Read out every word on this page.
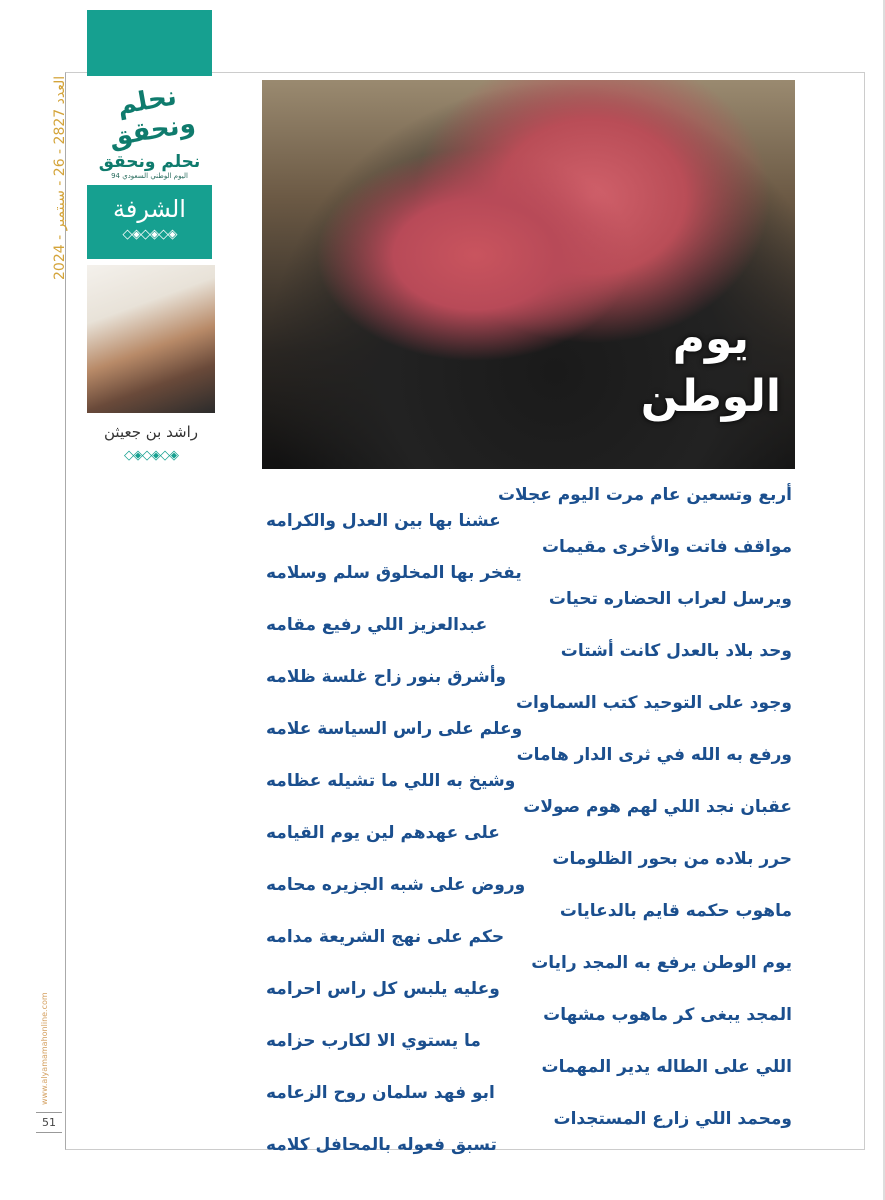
العدد 2827 - 26 - سبتمبر - 2024
www.alyamamahonline.com
51
نحلم ونحقق
نحلم ونحقق
اليوم الوطني السعودي 94
الشرفة
◇◈◇◈◇◈
راشد بن جعيثن
◇◈◇◈◇◈
يوم
الوطن
أربع وتسعين عام مرت اليوم عجلات
عشنا بها بين العدل والكرامه
مواقف فاتت والأخرى مقيمات
يفخر بها المخلوق سلم وسلامه
ويرسل لعراب الحضاره تحيات
عبدالعزيز اللي رفيع مقامه
وحد بلاد بالعدل كانت أشتات
وأشرق بنور زاح غلسة ظلامه
وجود على التوحيد كتب السماوات
وعلم على راس السياسة علامه
ورفع به الله في ثرى الدار هامات
وشيخ به اللي ما تشيله عظامه
عقبان نجد اللي لهم هوم صولات
على عهدهم لين يوم القيامه
حرر بلاده من بحور الظلومات
وروض على شبه الجزيره محامه
ماهوب حكمه قايم بالدعايات
حكم على نهج الشريعة مدامه
يوم الوطن يرفع به المجد رايات
وعليه يلبس كل راس احرامه
المجد يبغى كر ماهوب مشهات
ما يستوي الا لكارب حزامه
اللي على الطاله يدير المهمات
ابو فهد سلمان روح الزعامه
ومحمد اللي زارع المستجدات
تسبق فعوله بالمحافل كلامه
